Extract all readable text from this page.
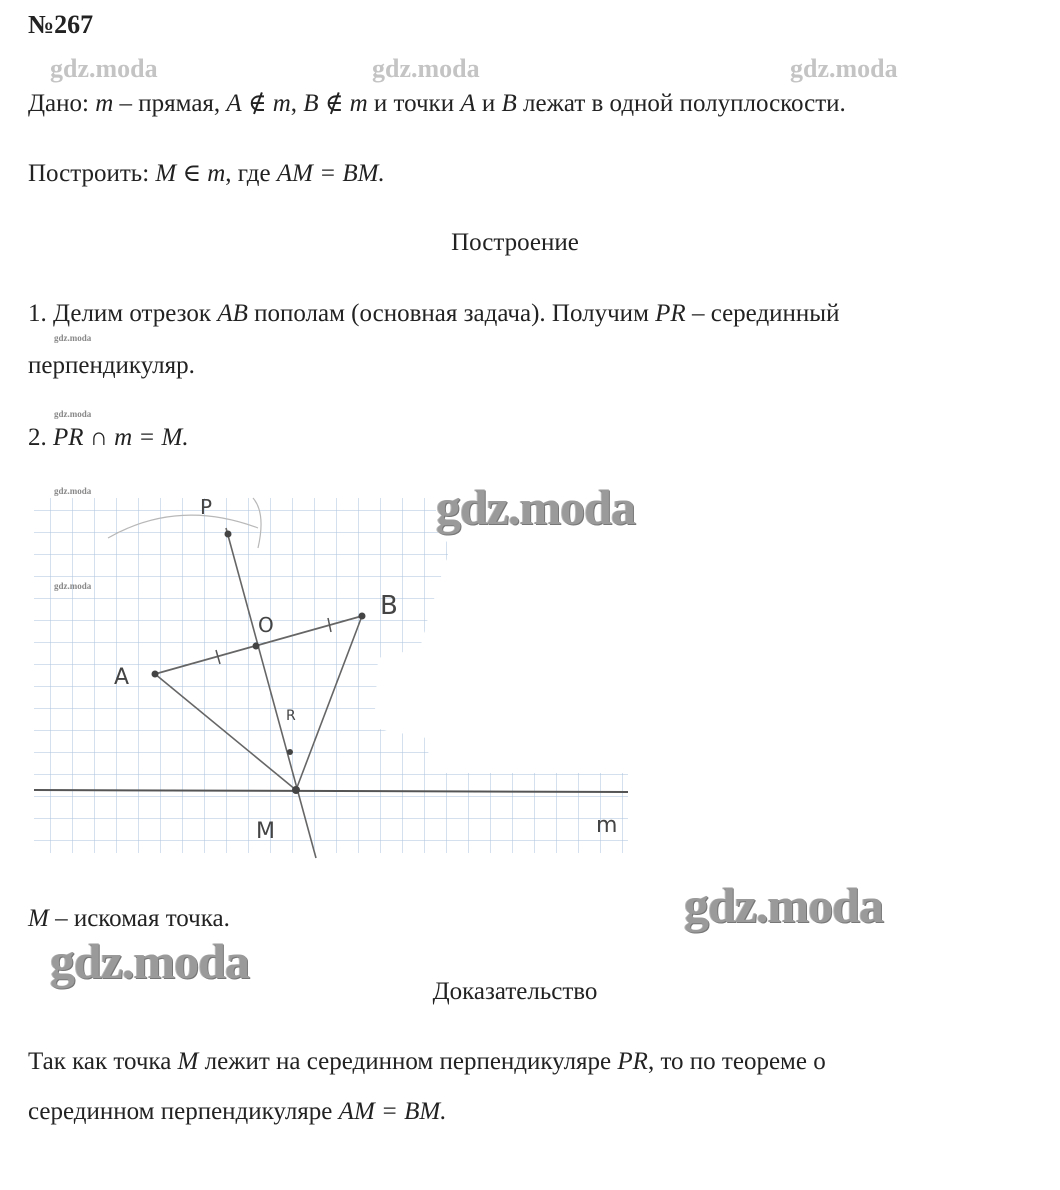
№267
gdz.moda	gdz.moda	gdz.moda
Дано: m – прямая, A ∉ m, B ∉ m и точки A и B лежат в одной полуплоскости.
Построить: M ∈ m, где AM = BM.
Построение
1. Делим отрезок AB пополам (основная задача). Получим PR – серединный
gdz.moda
перпендикуляр.
gdz.moda
2. PR ∩ m = M.
P
O
A
B
R
M	m
gdz.moda
gdz.moda
gdz.moda
M – искомая точка.	gdz.moda
gdz.moda
Доказательство
Так как точка M лежит на серединном перпендикуляре PR, то по теореме о
серединном перпендикуляре AM = BM.
